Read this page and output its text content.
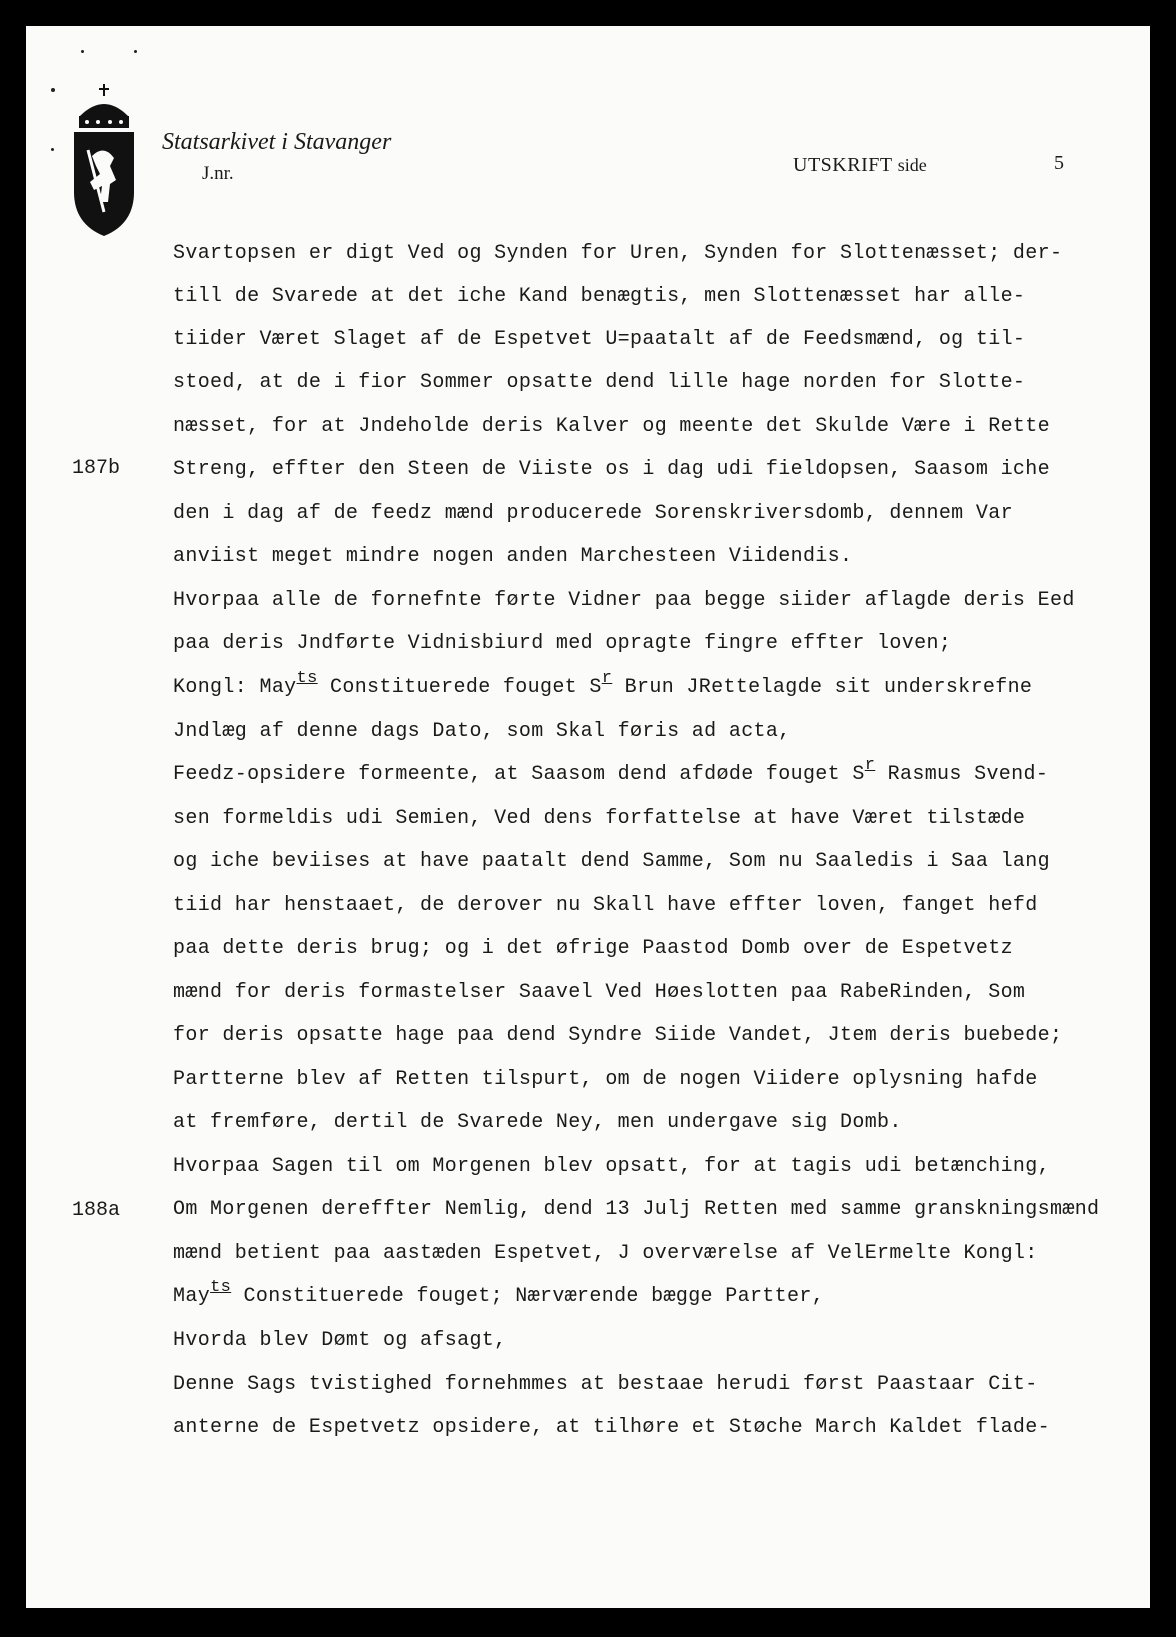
Statsarkivet i Stavanger
J.nr.	UTSKRIFT side	5
187b
188a
Svartopsen er digt Ved og Synden for Uren, Synden for Slottenæsset; der-
till de Svarede at det iche Kand benægtis, men Slottenæsset har alle-
tiider Været Slaget af de Espetvet U=paatalt af de Feedsmænd, og til-
stoed, at de i fior Sommer opsatte dend lille hage norden for Slotte-
næsset, for at Jndeholde deris Kalver og meente det Skulde Være i Rette
Streng, effter den Steen de Viiste os i dag udi fieldopsen, Saasom iche
den i dag af de feedz mænd producerede Sorenskriversdomb, dennem Var
anviist meget mindre nogen anden Marchesteen Viidendis.
Hvorpaa alle de fornefnte førte Vidner paa begge siider aflagde deris Eed
paa deris Jndførte Vidnisbiurd med opragte fingre effter loven;
Kongl: May$^{ts}$ Constituerede fouget $S^r$ Brun JRettelagde sit underskrefne
Jndlæg af denne dags Dato, som Skal føris ad acta,
Feedz-opsidere formeente, at Saasom dend afdøde fouget $S^r$ Rasmus Svend-
sen formeldis udi Semien, Ved dens forfattelse at have Været tilstæde
og iche beviises at have paatalt dend Samme, Som nu Saaledis i Saa lang
tiid har henstaaet, de derover nu Skall have effter loven, fanget hefd
paa dette deris brug; og i det øfrige Paastod Domb over de Espetvetz
mænd for deris formastelser Saavel Ved Høeslotten paa RabeRinden, Som
for deris opsatte hage paa dend Syndre Siide Vandet, Jtem deris buebede;
Partterne blev af Retten tilspurt, om de nogen Viidere oplysning hafde
at fremføre, dertil de Svarede Ney, men undergave sig Domb.
Hvorpaa Sagen til om Morgenen blev opsatt, for at tagis udi betænching,
Om Morgenen dereffter Nemlig, dend 13 Julj Retten med samme granskningsmænd
mænd betient paa aastæden Espetvet, J overværelse af VelErmelte Kongl:
May$^{ts}$ Constituerede fouget; Nærværende bægge Partter,
Hvorda blev Dømt og afsagt,
Denne Sags tvistighed fornehmmes at bestaae herudi først Paastaar Cit-
anterne de Espetvetz opsidere, at tilhøre et Støche March Kaldet flade-
